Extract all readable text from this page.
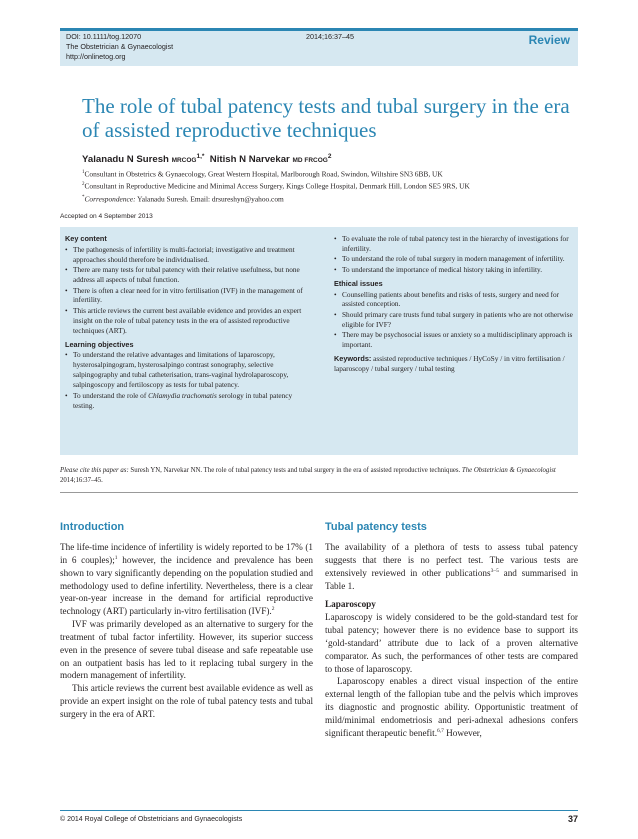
DOI: 10.1111/tog.12070
The Obstetrician & Gynaecologist
http://onlinetog.org
2014;16:37–45	Review
The role of tubal patency tests and tubal surgery in the era of assisted reproductive techniques
Yalanadu N Suresh $MRCOG^{1,*}$ Nitish N Narvekar MD FRCOG$^2$
$^1$Consultant in Obstetrics & Gynaecology, Great Western Hospital, Marlborough Road, Swindon, Wiltshire SN3 6BB, UK
$^2$Consultant in Reproductive Medicine and Minimal Access Surgery, Kings College Hospital, Denmark Hill, London SE5 9RS, UK
*Correspondence: Yalanadu Suresh. Email: drsureshyn@yahoo.com
Accepted on 4 September 2013
Key content
• The pathogenesis of infertility is multi-factorial; investigative and treatment approaches should therefore be individualised.
• There are many tests for tubal patency with their relative usefulness, but none address all aspects of tubal function.
• There is often a clear need for in vitro fertilisation (IVF) in the management of infertility.
• This article reviews the current best available evidence and provides an expert insight on the role of tubal patency tests in the era of assisted reproductive techniques (ART).
Learning objectives
• To understand the relative advantages and limitations of laparoscopy, hysterosalpingogram, hysterosalpingo contrast sonography, selective salpingography and tubal catheterisation, trans-vaginal hydrolaparoscopy, salpingoscopy and fertiloscopy as tests for tubal patency.
• To understand the role of Chlamydia trachomatis serology in tubal patency testing.
• To evaluate the role of tubal patency test in the hierarchy of investigations for infertility.
• To understand the role of tubal surgery in modern management of infertility.
• To understand the importance of medical history taking in infertility.
Ethical issues
• Counselling patients about benefits and risks of tests, surgery and need for assisted conception.
• Should primary care trusts fund tubal surgery in patients who are not otherwise eligible for IVF?
• There may be psychosocial issues or anxiety so a multidisciplinary approach is important.
Keywords: assisted reproductive techniques / HyCoSy / in vitro fertilisation / laparoscopy / tubal surgery / tubal testing
Please cite this paper as: Suresh YN, Narvekar NN. The role of tubal patency tests and tubal surgery in the era of assisted reproductive techniques. The Obstetrician & Gynaecologist 2014;16:37–45.
Introduction	Tubal patency tests

The life-time incidence of infertility is widely reported to be 17% (1 in 6 couples);$^1$ however, the incidence and prevalence has been shown to vary significantly depending on the population studied and methodology used to define infertility. Nevertheless, there is a clear year-on-year increase in the demand for artificial reproductive technology (ART) particularly in-vitro fertilisation (IVF).$^2$

IVF was primarily developed as an alternative to surgery for the treatment of tubal factor infertility. However, its superior success even in the presence of severe tubal disease and safe repeatable use on an outpatient basis has led to it replacing tubal surgery in the modern management of infertility.

This article reviews the current best available evidence as well as provide an expert insight on the role of tubal patency tests and tubal surgery in the era of ART.

The availability of a plethora of tests to assess tubal patency suggests that there is no perfect test. The various tests are extensively reviewed in other publications$^{3-5}$ and summarised in Table 1.

Laparoscopy

Laparoscopy is widely considered to be the gold-standard test for tubal patency; however there is no evidence base to support its ‘gold-standard’ attribute due to lack of a proven alternative comparator. As such, the performances of other tests are compared to those of laparoscopy.

Laparoscopy enables a direct visual inspection of the entire external length of the fallopian tube and the pelvis which improves its diagnostic and prognostic ability. Opportunistic treatment of mild/minimal endometriosis and peri-adnexal adhesions confers significant therapeutic benefit.$^{6,7}$ However,

© 2014 Royal College of Obstetricians and Gynaecologists	37
